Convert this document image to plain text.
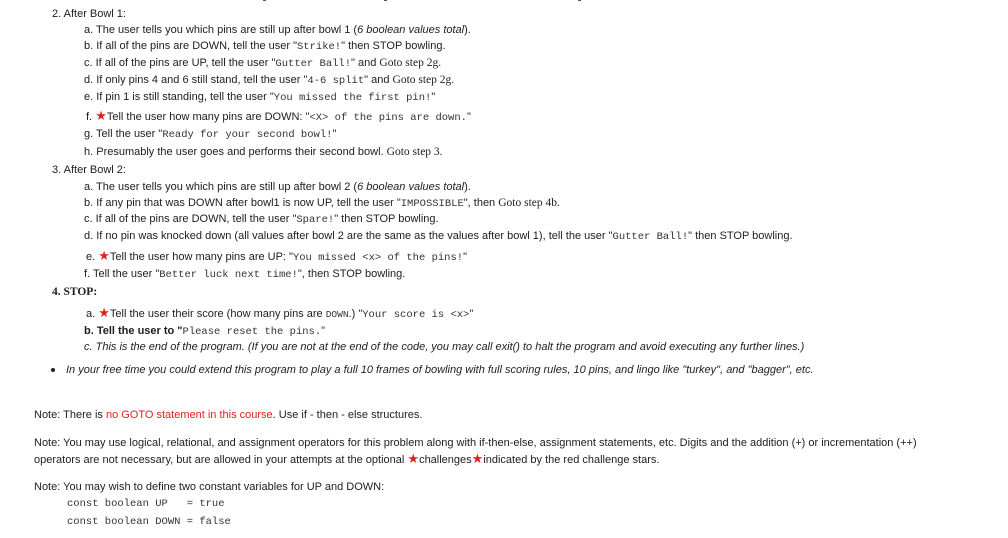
2. After Bowl 1:
a. The user tells you which pins are still up after bowl 1 (6 boolean values total).
b. If all of the pins are DOWN, tell the user "Strike!" then STOP bowling.
c. If all of the pins are UP, tell the user "Gutter Ball!" and Goto step 2g.
d. If only pins 4 and 6 still stand, tell the user "4-6 split" and Goto step 2g.
e. If pin 1 is still standing, tell the user "You missed the first pin!"
f. ★Tell the user how many pins are DOWN: "<X> of the pins are down."
g. Tell the user "Ready for your second bowl!"
h. Presumably the user goes and performs their second bowl. Goto step 3.
3. After Bowl 2:
a. The user tells you which pins are still up after bowl 2 (6 boolean values total).
b. If any pin that was DOWN after bowl1 is now UP, tell the user "IMPOSSIBLE", then Goto step 4b.
c. If all of the pins are DOWN, tell the user "Spare!" then STOP bowling.
d. If no pin was knocked down (all values after bowl 2 are the same as the values after bowl 1), tell the user "Gutter Ball!" then STOP bowling.
e. ★Tell the user how many pins are UP: "You missed <x> of the pins!"
f. Tell the user "Better luck next time!", then STOP bowling.
4. STOP:
a. ★Tell the user their score (how many pins are DOWN.) "Your score is <x>"
b. Tell the user to "Please reset the pins."
c. This is the end of the program. (If you are not at the end of the code, you may call exit() to halt the program and avoid executing any further lines.)
In your free time you could extend this program to play a full 10 frames of bowling with full scoring rules, 10 pins, and lingo like "turkey", and "bagger", etc.
Note: There is no GOTO statement in this course. Use if - then - else structures.
Note: You may use logical, relational, and assignment operators for this problem along with if-then-else, assignment statements, etc. Digits and the addition (+) or incrementation (++)
operators are not necessary, but are allowed in your attempts at the optional ★challenges★indicated by the red challenge stars.
Note: You may wish to define two constant variables for UP and DOWN:
const boolean UP   = true
const boolean DOWN = false
